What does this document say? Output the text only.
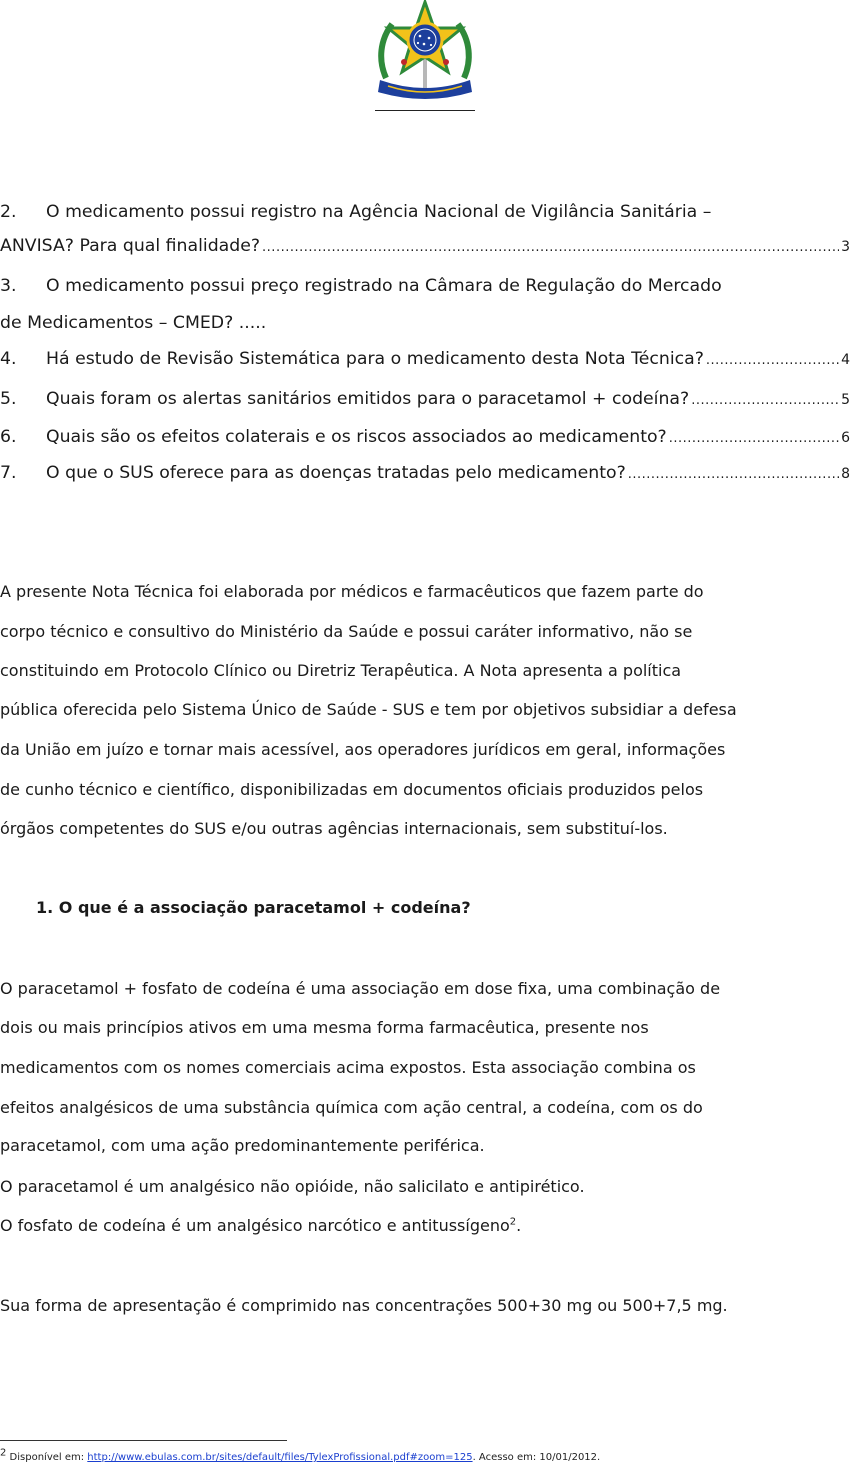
2.	O medicamento possui registro na Agência Nacional de Vigilância Sanitária –
ANVISA? Para qual finalidade? .....	3
3.	O medicamento possui preço registrado na Câmara de Regulação do Mercado
de Medicamentos – CMED? .....
4.	Há estudo de Revisão Sistemática para o medicamento desta Nota Técnica? .....	4
5.	Quais foram os alertas sanitários emitidos para o paracetamol + codeína? .....	5
6.	Quais são os efeitos colaterais e os riscos associados ao medicamento? .....	6
7.	O que o SUS oferece para as doenças tratadas pelo medicamento? .....	8
A presente Nota Técnica foi elaborada por médicos e farmacêuticos que fazem parte do
corpo técnico e consultivo do Ministério da Saúde e possui caráter informativo, não se
constituindo em Protocolo Clínico ou Diretriz Terapêutica. A Nota apresenta a política
pública oferecida pelo Sistema Único de Saúde - SUS e tem por objetivos subsidiar a defesa
da União em juízo e tornar mais acessível, aos operadores jurídicos em geral, informações
de cunho técnico e científico, disponibilizadas em documentos oficiais produzidos pelos
órgãos competentes do SUS e/ou outras agências internacionais, sem substituí-los.
1. O que é a associação paracetamol + codeína?
O paracetamol + fosfato de codeína é uma associação em dose fixa, uma combinação de
dois ou mais princípios ativos em uma mesma forma farmacêutica, presente nos
medicamentos com os nomes comerciais acima expostos. Esta associação combina os
efeitos analgésicos de uma substância química com ação central, a codeína, com os do
paracetamol, com uma ação predominantemente periférica.
O paracetamol é um analgésico não opióide, não salicilato e antipirético.
O fosfato de codeína é um analgésico narcótico e antitussígeno$^2$.
Sua forma de apresentação é comprimido nas concentrações 500+30 mg ou 500+7,5 mg.
$^2$ Disponível em: http://www.ebulas.com.br/sites/default/files/TylexProfissional.pdf#zoom=125. Acesso em: 10/01/2012.
